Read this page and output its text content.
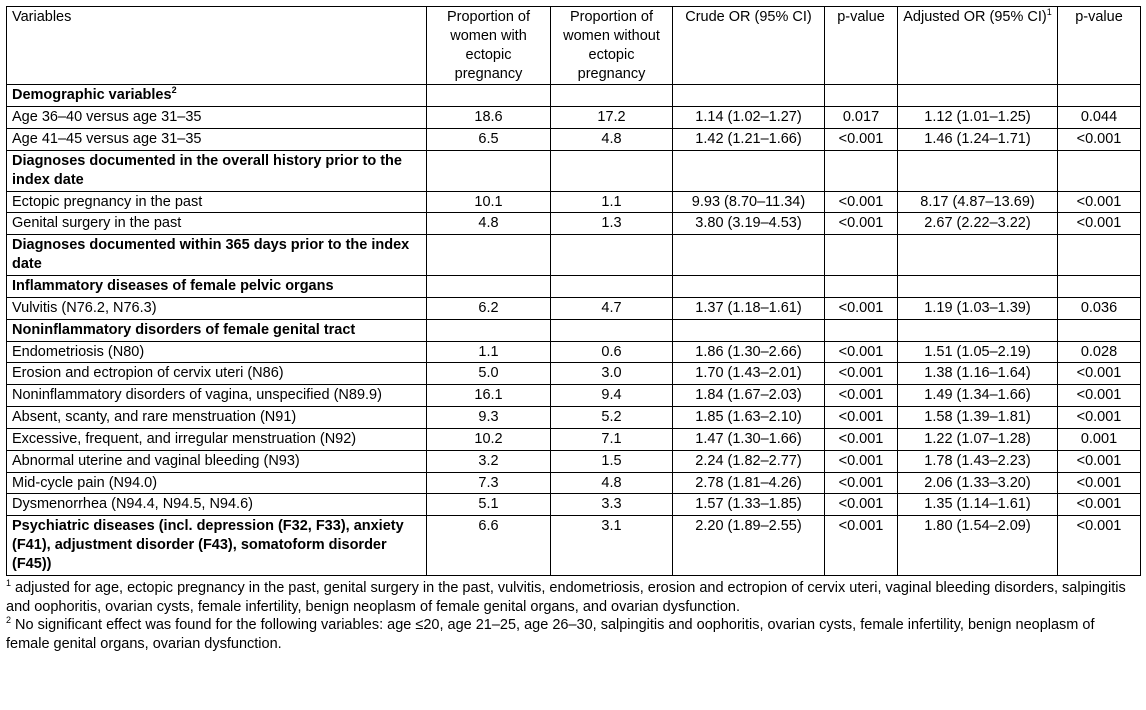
Variables	Proportion of women with ectopic pregnancy	Proportion of women without ectopic pregnancy	Crude OR (95% CI)	p-value	Adjusted OR (95% CI)$^1$	p-value
Demographic variables$^2$						
Age 36–40 versus age 31–35	18.6	17.2	1.14 (1.02–1.27)	0.017	1.12 (1.01–1.25)	0.044
Age 41–45 versus age 31–35	6.5	4.8	1.42 (1.21–1.66)	<0.001	1.46 (1.24–1.71)	<0.001
Diagnoses documented in the overall history prior to the index date						
Ectopic pregnancy in the past	10.1	1.1	9.93 (8.70–11.34)	<0.001	8.17 (4.87–13.69)	<0.001
Genital surgery in the past	4.8	1.3	3.80 (3.19–4.53)	<0.001	2.67 (2.22–3.22)	<0.001
Diagnoses documented within 365 days prior to the index date						
Inflammatory diseases of female pelvic organs						
Vulvitis (N76.2, N76.3)	6.2	4.7	1.37 (1.18–1.61)	<0.001	1.19 (1.03–1.39)	0.036
Noninflammatory disorders of female genital tract						
Endometriosis (N80)	1.1	0.6	1.86 (1.30–2.66)	<0.001	1.51 (1.05–2.19)	0.028
Erosion and ectropion of cervix uteri (N86)	5.0	3.0	1.70 (1.43–2.01)	<0.001	1.38 (1.16–1.64)	<0.001
Noninflammatory disorders of vagina, unspecified (N89.9)	16.1	9.4	1.84 (1.67–2.03)	<0.001	1.49 (1.34–1.66)	<0.001
Absent, scanty, and rare menstruation (N91)	9.3	5.2	1.85 (1.63–2.10)	<0.001	1.58 (1.39–1.81)	<0.001
Excessive, frequent, and irregular menstruation (N92)	10.2	7.1	1.47 (1.30–1.66)	<0.001	1.22 (1.07–1.28)	0.001
Abnormal uterine and vaginal bleeding (N93)	3.2	1.5	2.24 (1.82–2.77)	<0.001	1.78 (1.43–2.23)	<0.001
Mid-cycle pain (N94.0)	7.3	4.8	2.78 (1.81–4.26)	<0.001	2.06 (1.33–3.20)	<0.001
Dysmenorrhea (N94.4, N94.5, N94.6)	5.1	3.3	1.57 (1.33–1.85)	<0.001	1.35 (1.14–1.61)	<0.001
Psychiatric diseases (incl. depression (F32, F33), anxiety (F41), adjustment disorder (F43), somatoform disorder (F45))	6.6	3.1	2.20 (1.89–2.55)	<0.001	1.80 (1.54–2.09)	<0.001

$^1$ adjusted for age, ectopic pregnancy in the past, genital surgery in the past, vulvitis, endometriosis, erosion and ectropion of cervix uteri, vaginal bleeding disorders, salpingitis and oophoritis, ovarian cysts, female infertility, benign neoplasm of female genital organs, and ovarian dysfunction.

$^2$ No significant effect was found for the following variables: age ≤20, age 21–25, age 26–30, salpingitis and oophoritis, ovarian cysts, female infertility, benign neoplasm of female genital organs, ovarian dysfunction.
